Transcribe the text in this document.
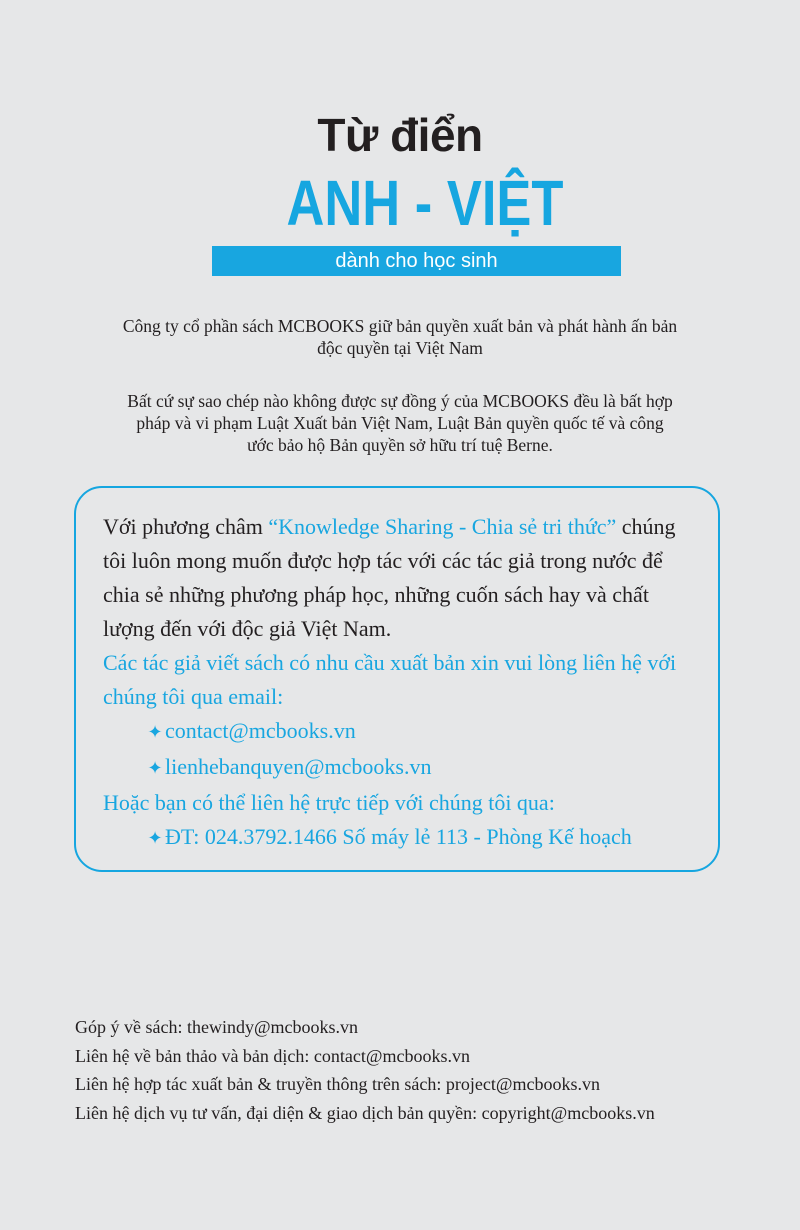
Từ điển
ANH - VIỆT
dành cho học sinh

Công ty cổ phần sách MCBOOKS giữ bản quyền xuất bản và phát hành ấn bản

độc quyền tại Việt Nam

Bất cứ sự sao chép nào không được sự đồng ý của MCBOOKS đều là bất hợp

pháp và vi phạm Luật Xuất bản Việt Nam, Luật Bản quyền quốc tế và công

ước bảo hộ Bản quyền sở hữu trí tuệ Berne.

Với phương châm “Knowledge Sharing - Chia sẻ tri thức” chúng

tôi luôn mong muốn được hợp tác với các tác giả trong nước để

chia sẻ những phương pháp học, những cuốn sách hay và chất

lượng đến với độc giả Việt Nam.

Các tác giả viết sách có nhu cầu xuất bản xin vui lòng liên hệ với

chúng tôi qua email:

✦ contact@mcbooks.vn

✦ lienhebanquyen@mcbooks.vn

Hoặc bạn có thể liên hệ trực tiếp với chúng tôi qua:

✦ ĐT: 024.3792.1466 Số máy lẻ 113 - Phòng Kế hoạch

Góp ý về sách: thewindy@mcbooks.vn

Liên hệ về bản thảo và bản dịch: contact@mcbooks.vn

Liên hệ hợp tác xuất bản & truyền thông trên sách: project@mcbooks.vn

Liên hệ dịch vụ tư vấn, đại diện & giao dịch bản quyền: copyright@mcbooks.vn
